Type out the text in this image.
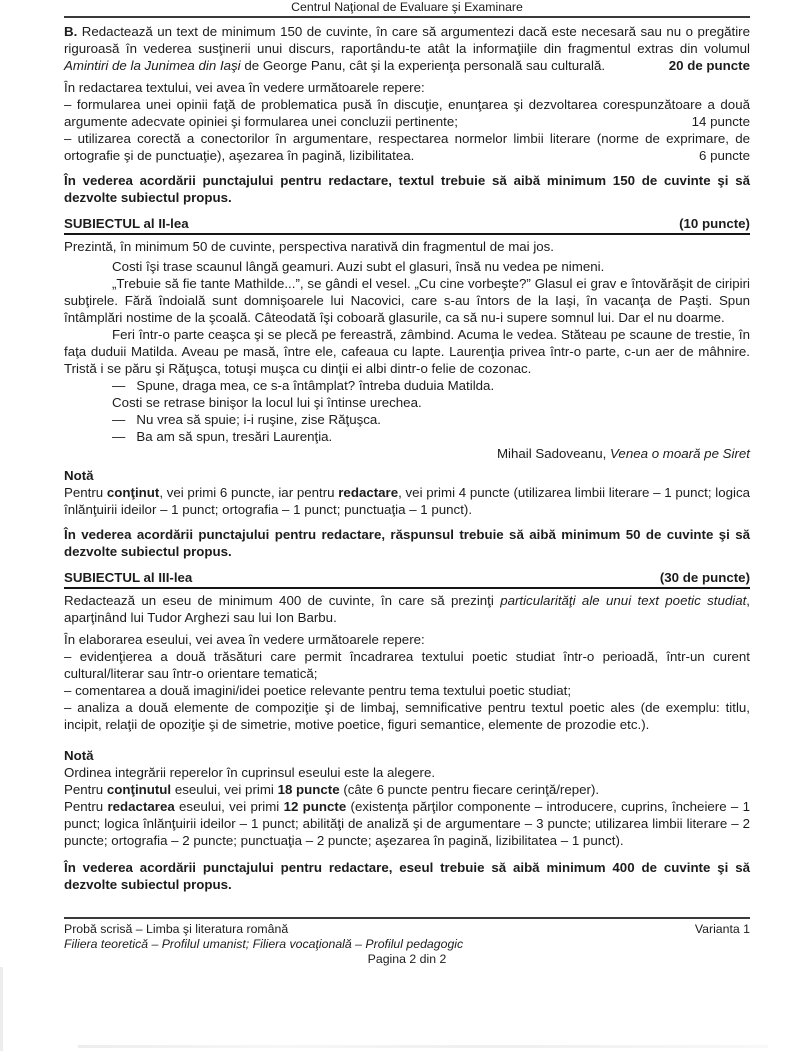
Centrul Naţional de Evaluare şi Examinare

B. Redactează un text de minimum 150 de cuvinte, în care să argumentezi dacă este necesară sau nu o pregătire riguroasă în vederea susţinerii unui discurs, raportându-te atât la informaţiile din fragmentul extras din volumul Amintiri de la Junimea din Iaşi de George Panu, cât şi la experienţa personală sau culturală.	20 de puncte

În redactarea textului, vei avea în vedere următoarele repere:

– formularea unei opinii faţă de problematica pusă în discuţie, enunţarea şi dezvoltarea corespunzătoare a două argumente adecvate opiniei şi formularea unei concluzii pertinente;	14 puncte

– utilizarea corectă a conectorilor în argumentare, respectarea normelor limbii literare (norme de exprimare, de ortografie şi de punctuaţie), aşezarea în pagină, lizibilitatea.	6 puncte

În vederea acordării punctajului pentru redactare, textul trebuie să aibă minimum 150 de cuvinte şi să dezvolte subiectul propus.

SUBIECTUL al II-lea	(10 puncte)

Prezintă, în minimum 50 de cuvinte, perspectiva narativă din fragmentul de mai jos.

Costi îşi trase scaunul lângă geamuri. Auzi subt el glasuri, însă nu vedea pe nimeni.

„Trebuie să fie tante Mathilde...”, se gândi el vesel. „Cu cine vorbeşte?” Glasul ei grav e întovărăşit de ciripiri subţirele. Fără îndoială sunt domnişoarele lui Nacovici, care s-au întors de la Iaşi, în vacanţa de Paşti. Spun întâmplări nostime de la şcoală. Câteodată îşi coboară glasurile, ca să nu-i supere somnul lui. Dar el nu doarme.

Feri într-o parte ceaşca şi se plecă pe fereastră, zâmbind. Acuma le vedea. Stăteau pe scaune de trestie, în faţa duduii Matilda. Aveau pe masă, între ele, cafeaua cu lapte. Laurenţia privea într-o parte, c-un aer de mâhnire. Tristă i se păru şi Răţuşca, totuşi muşca cu dinţii ei albi dintr-o felie de cozonac.

—   Spune, draga mea, ce s-a întâmplat? întreba duduia Matilda.

Costi se retrase binişor la locul lui şi întinse urechea.

—   Nu vrea să spuie; i-i ruşine, zise Răţuşca.

—   Ba am să spun, tresări Laurenţia.

Mihail Sadoveanu, Venea o moară pe Siret

Notă

Pentru conţinut, vei primi 6 puncte, iar pentru redactare, vei primi 4 puncte (utilizarea limbii literare – 1 punct; logica înlănţuirii ideilor – 1 punct; ortografia – 1 punct; punctuaţia – 1 punct).

În vederea acordării punctajului pentru redactare, răspunsul trebuie să aibă minimum 50 de cuvinte şi să dezvolte subiectul propus.

SUBIECTUL al III-lea	(30 de puncte)

Redactează un eseu de minimum 400 de cuvinte, în care să prezinţi particularităţi ale unui text poetic studiat, aparţinând lui Tudor Arghezi sau lui Ion Barbu.

În elaborarea eseului, vei avea în vedere următoarele repere:

– evidenţierea a două trăsături care permit încadrarea textului poetic studiat într-o perioadă, într-un curent cultural/literar sau într-o orientare tematică;

– comentarea a două imagini/idei poetice relevante pentru tema textului poetic studiat;

– analiza a două elemente de compoziţie şi de limbaj, semnificative pentru textul poetic ales (de exemplu: titlu, incipit, relaţii de opoziţie şi de simetrie, motive poetice, figuri semantice, elemente de prozodie etc.).

Notă

Ordinea integrării reperelor în cuprinsul eseului este la alegere.

Pentru conţinutul eseului, vei primi 18 puncte (câte 6 puncte pentru fiecare cerinţă/reper).

Pentru redactarea eseului, vei primi 12 puncte (existenţa părţilor componente – introducere, cuprins, încheiere – 1 punct; logica înlănţuirii ideilor – 1 punct; abilităţi de analiză şi de argumentare – 3 puncte; utilizarea limbii literare – 2 puncte; ortografia – 2 puncte; punctuaţia – 2 puncte; aşezarea în pagină, lizibilitatea – 1 punct).

În vederea acordării punctajului pentru redactare, eseul trebuie să aibă minimum 400 de cuvinte şi să dezvolte subiectul propus.

Probă scrisă – Limba şi literatura română	Varianta 1
Filiera teoretică – Profilul umanist; Filiera vocaţională – Profilul pedagogic
Pagina 2 din 2
